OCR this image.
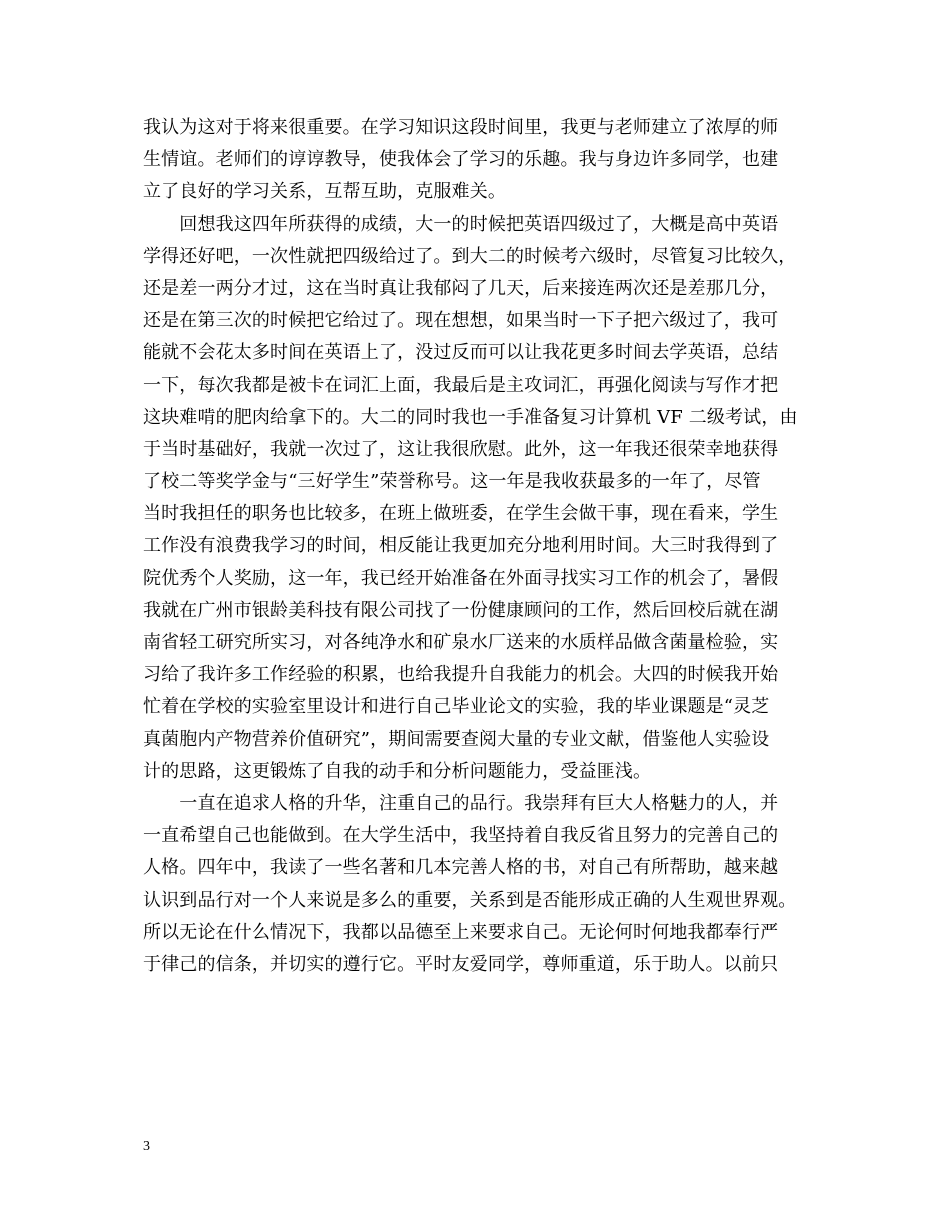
我认为这对于将来很重要。在学习知识这段时间里，我更与老师建立了浓厚的师
生情谊。老师们的谆谆教导，使我体会了学习的乐趣。我与身边许多同学，也建
立了良好的学习关系，互帮互助，克服难关。
　　回想我这四年所获得的成绩，大一的时候把英语四级过了，大概是高中英语
学得还好吧，一次性就把四级给过了。到大二的时候考六级时，尽管复习比较久，
还是差一两分才过，这在当时真让我郁闷了几天，后来接连两次还是差那几分，
还是在第三次的时候把它给过了。现在想想，如果当时一下子把六级过了，我可
能就不会花太多时间在英语上了，没过反而可以让我花更多时间去学英语，总结
一下，每次我都是被卡在词汇上面，我最后是主攻词汇，再强化阅读与写作才把
这块难啃的肥肉给拿下的。大二的同时我也一手准备复习计算机 VF 二级考试，由
于当时基础好，我就一次过了，这让我很欣慰。此外，这一年我还很荣幸地获得
了校二等奖学金与“三好学生”荣誉称号。这一年是我收获最多的一年了，尽管
当时我担任的职务也比较多，在班上做班委，在学生会做干事，现在看来，学生
工作没有浪费我学习的时间，相反能让我更加充分地利用时间。大三时我得到了
院优秀个人奖励，这一年，我已经开始准备在外面寻找实习工作的机会了，暑假
我就在广州市银龄美科技有限公司找了一份健康顾问的工作，然后回校后就在湖
南省轻工研究所实习，对各纯净水和矿泉水厂送来的水质样品做含菌量检验，实
习给了我许多工作经验的积累，也给我提升自我能力的机会。大四的时候我开始
忙着在学校的实验室里设计和进行自己毕业论文的实验，我的毕业课题是“灵芝
真菌胞内产物营养价值研究”，期间需要查阅大量的专业文献，借鉴他人实验设
计的思路，这更锻炼了自我的动手和分析问题能力，受益匪浅。
　　一直在追求人格的升华，注重自己的品行。我崇拜有巨大人格魅力的人，并
一直希望自己也能做到。在大学生活中，我坚持着自我反省且努力的完善自己的
人格。四年中，我读了一些名著和几本完善人格的书，对自己有所帮助，越来越
认识到品行对一个人来说是多么的重要，关系到是否能形成正确的人生观世界观。
所以无论在什么情况下，我都以品德至上来要求自己。无论何时何地我都奉行严
于律己的信条，并切实的遵行它。平时友爱同学，尊师重道，乐于助人。以前只
3
